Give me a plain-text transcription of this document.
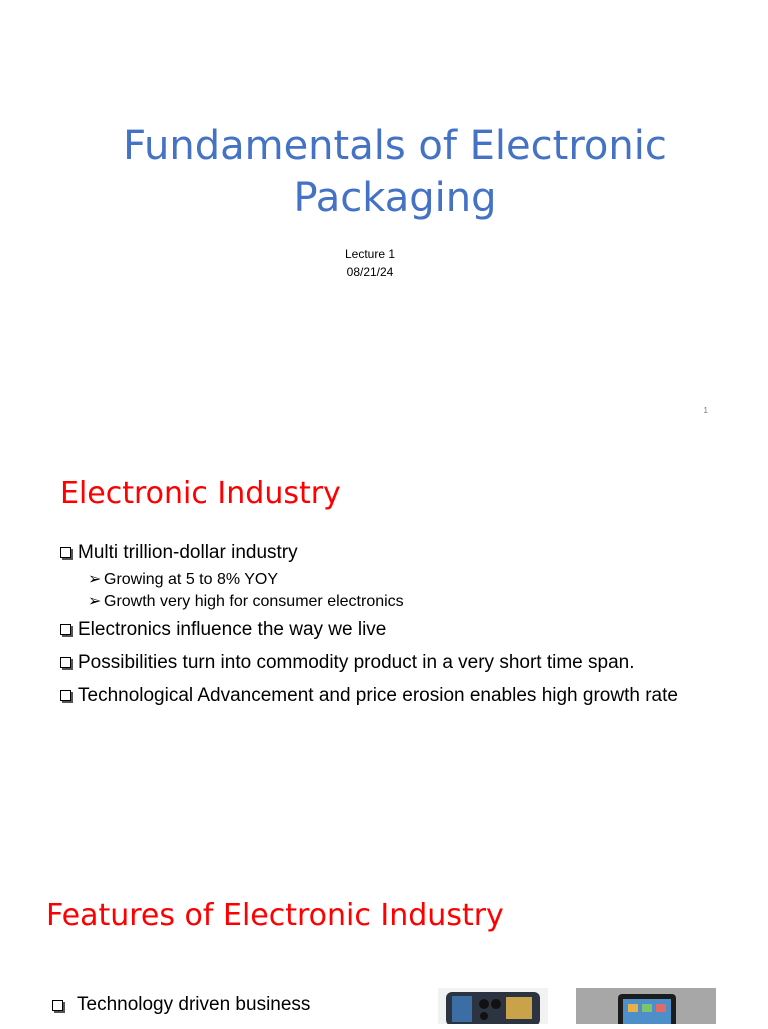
Fundamentals of Electronic
Packaging
Lecture 1
08/21/24
1
Electronic Industry
Multi trillion-dollar industry
➢ Growing at 5 to 8% YOY
➢ Growth very high for consumer electronics
Electronics influence the way we live
Possibilities turn into commodity product in a very short time span.
Technological Advancement and price erosion enables high growth rate
Features of Electronic Industry
Technology driven business
